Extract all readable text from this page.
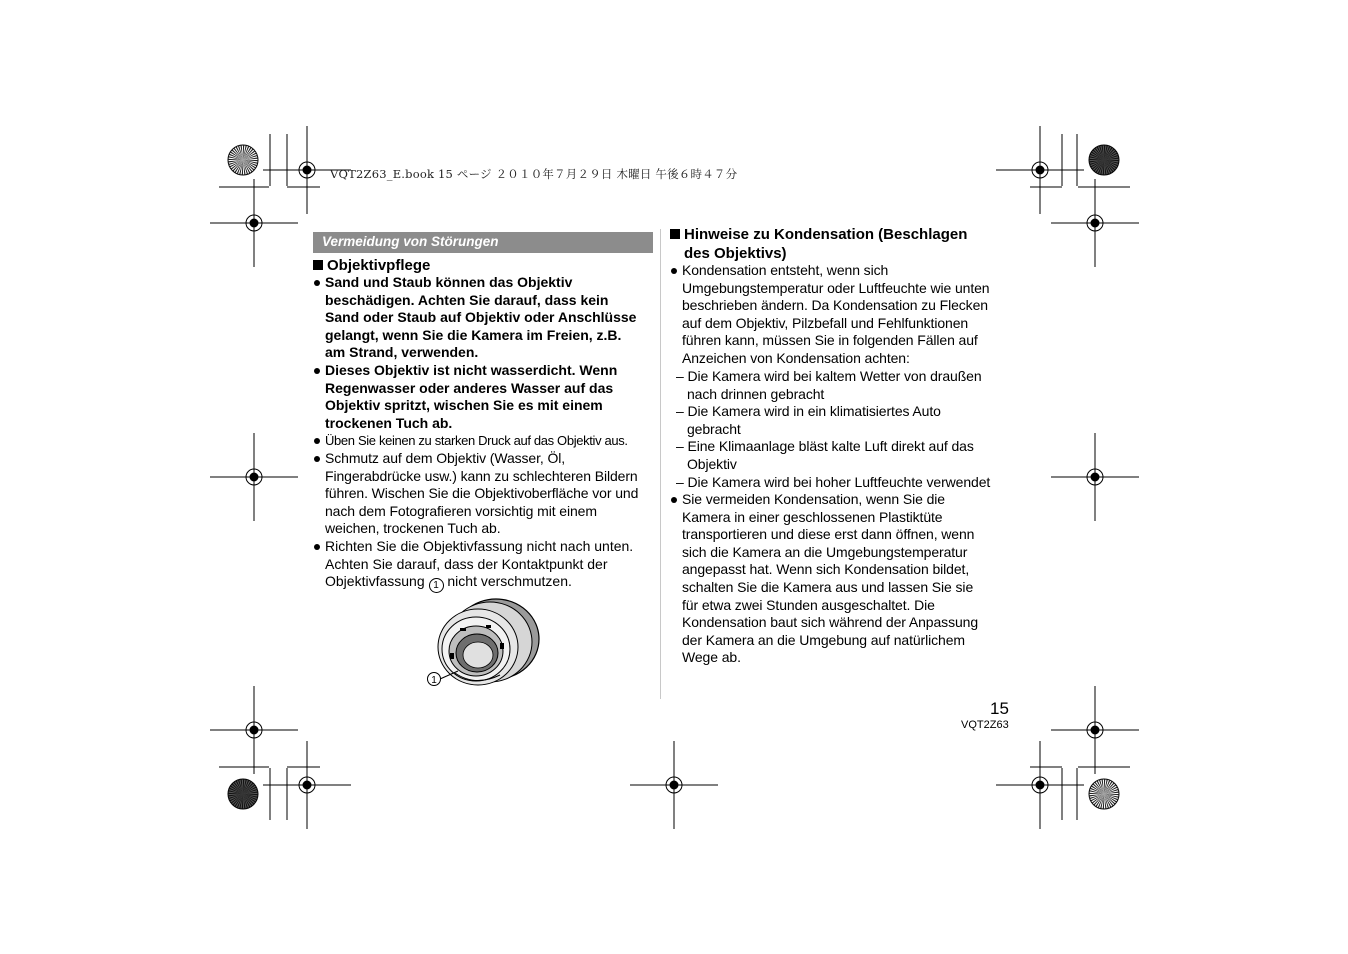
VQT2Z63_E.book 15 ページ ２０１０年７月２９日 木曜日 午後６時４７分
Vermeidung von Störungen
Objektivpflege
Sand und Staub können das Objektiv
beschädigen. Achten Sie darauf, dass kein
Sand oder Staub auf Objektiv oder Anschlüsse
gelangt, wenn Sie die Kamera im Freien, z.B.
am Strand, verwenden.
Dieses Objektiv ist nicht wasserdicht. Wenn
Regenwasser oder anderes Wasser auf das
Objektiv spritzt, wischen Sie es mit einem
trockenen Tuch ab.
Üben Sie keinen zu starken Druck auf das Objektiv aus.
Schmutz auf dem Objektiv (Wasser, Öl,
Fingerabdrücke usw.) kann zu schlechteren Bildern
führen. Wischen Sie die Objektivoberfläche vor und
nach dem Fotografieren vorsichtig mit einem
weichen, trockenen Tuch ab.
Richten Sie die Objektivfassung nicht nach unten.
Achten Sie darauf, dass der Kontaktpunkt der
Objektivfassung 1 nicht verschmutzen.
1
Hinweise zu Kondensation (Beschlagen
des Objektivs)
Kondensation entsteht, wenn sich
Umgebungstemperatur oder Luftfeuchte wie unten
beschrieben ändern. Da Kondensation zu Flecken
auf dem Objektiv, Pilzbefall und Fehlfunktionen
führen kann, müssen Sie in folgenden Fällen auf
Anzeichen von Kondensation achten:
– Die Kamera wird bei kaltem Wetter von draußen
nach drinnen gebracht
– Die Kamera wird in ein klimatisiertes Auto
gebracht
– Eine Klimaanlage bläst kalte Luft direkt auf das
Objektiv
– Die Kamera wird bei hoher Luftfeuchte verwendet
Sie vermeiden Kondensation, wenn Sie die
Kamera in einer geschlossenen Plastiktüte
transportieren und diese erst dann öffnen, wenn
sich die Kamera an die Umgebungstemperatur
angepasst hat. Wenn sich Kondensation bildet,
schalten Sie die Kamera aus und lassen Sie sie
für etwa zwei Stunden ausgeschaltet. Die
Kondensation baut sich während der Anpassung
der Kamera an die Umgebung auf natürlichem
Wege ab.
15
VQT2Z63
